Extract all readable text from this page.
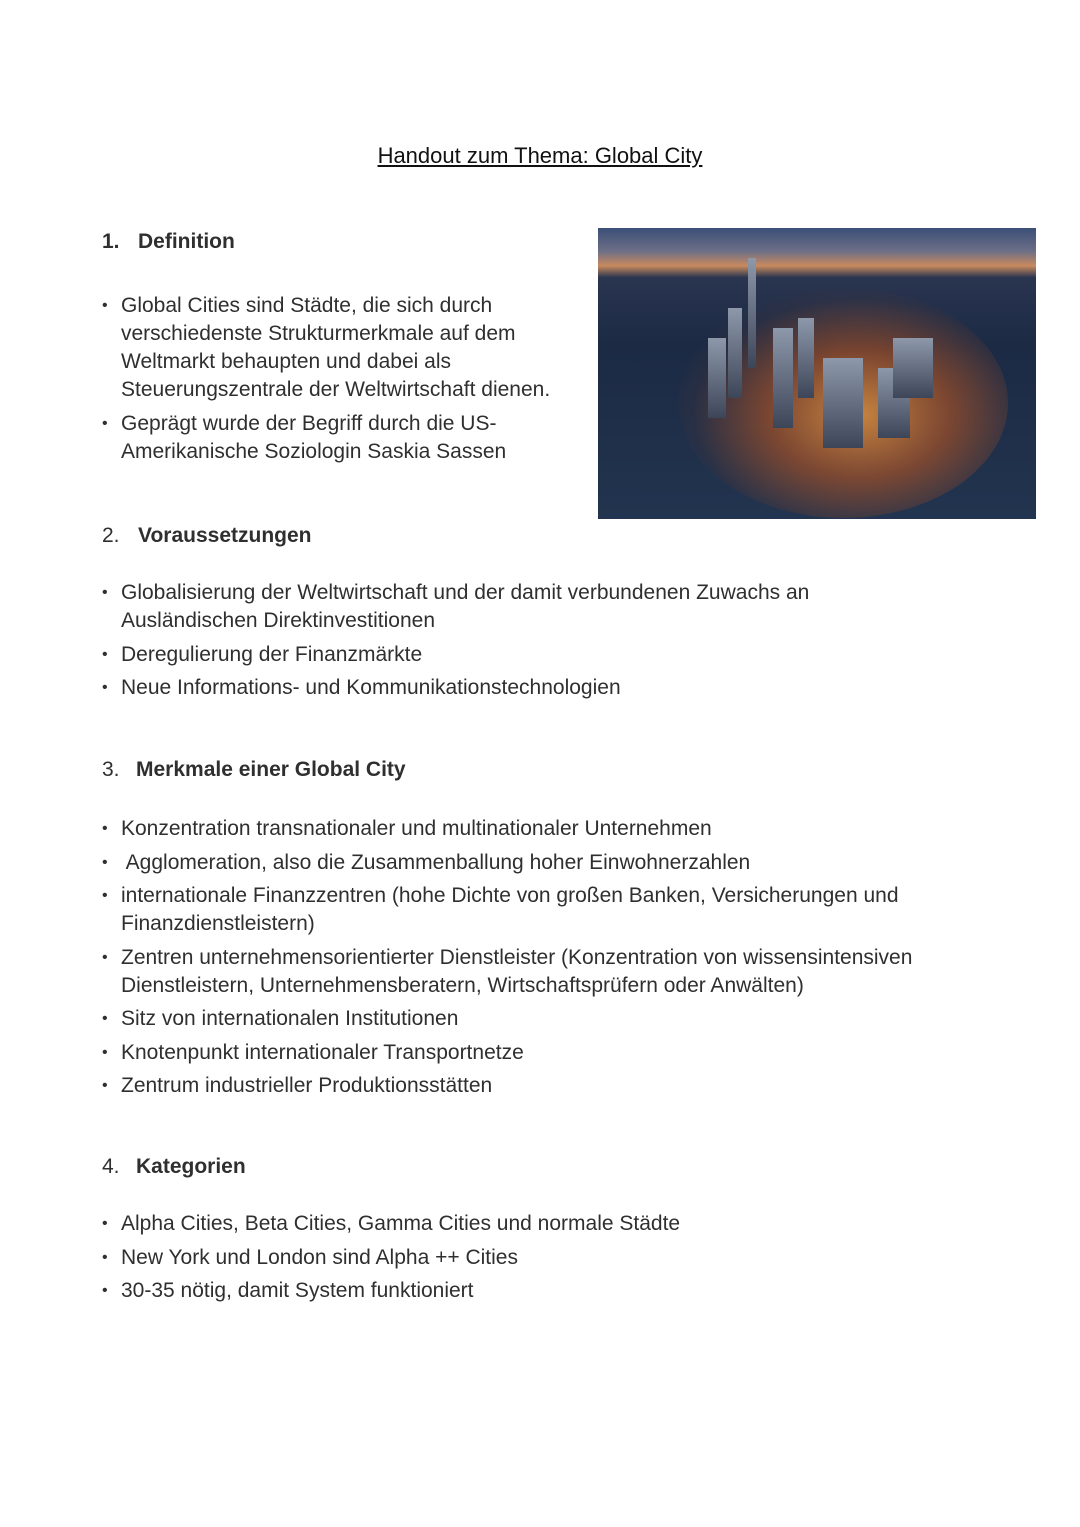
Handout zum Thema: Global City
1. Definition
• Global Cities sind Städte, die sich durch verschiedenste Strukturmerkmale auf dem Weltmarkt behaupten und dabei als Steuerungszentrale der Weltwirtschaft dienen.
• Geprägt wurde der Begriff durch die US-Amerikanische Soziologin Saskia Sassen
2. Voraussetzungen
• Globalisierung der Weltwirtschaft und der damit verbundenen Zuwachs an Ausländischen Direktinvestitionen
• Deregulierung der Finanzmärkte
• Neue Informations- und Kommunikationstechnologien
3. Merkmale einer Global City
• Konzentration transnationaler und multinationaler Unternehmen
• Agglomeration, also die Zusammenballung hoher Einwohnerzahlen
• internationale Finanzzentren (hohe Dichte von großen Banken, Versicherungen und Finanzdienstleistern)
• Zentren unternehmensorientierter Dienstleister (Konzentration von wissensintensiven Dienstleistern, Unternehmensberatern, Wirtschaftsprüfern oder Anwälten)
• Sitz von internationalen Institutionen
• Knotenpunkt internationaler Transportnetze
• Zentrum industrieller Produktionsstätten
4. Kategorien
• Alpha Cities, Beta Cities, Gamma Cities und normale Städte
• New York und London sind Alpha ++ Cities
• 30-35 nötig, damit System funktioniert
